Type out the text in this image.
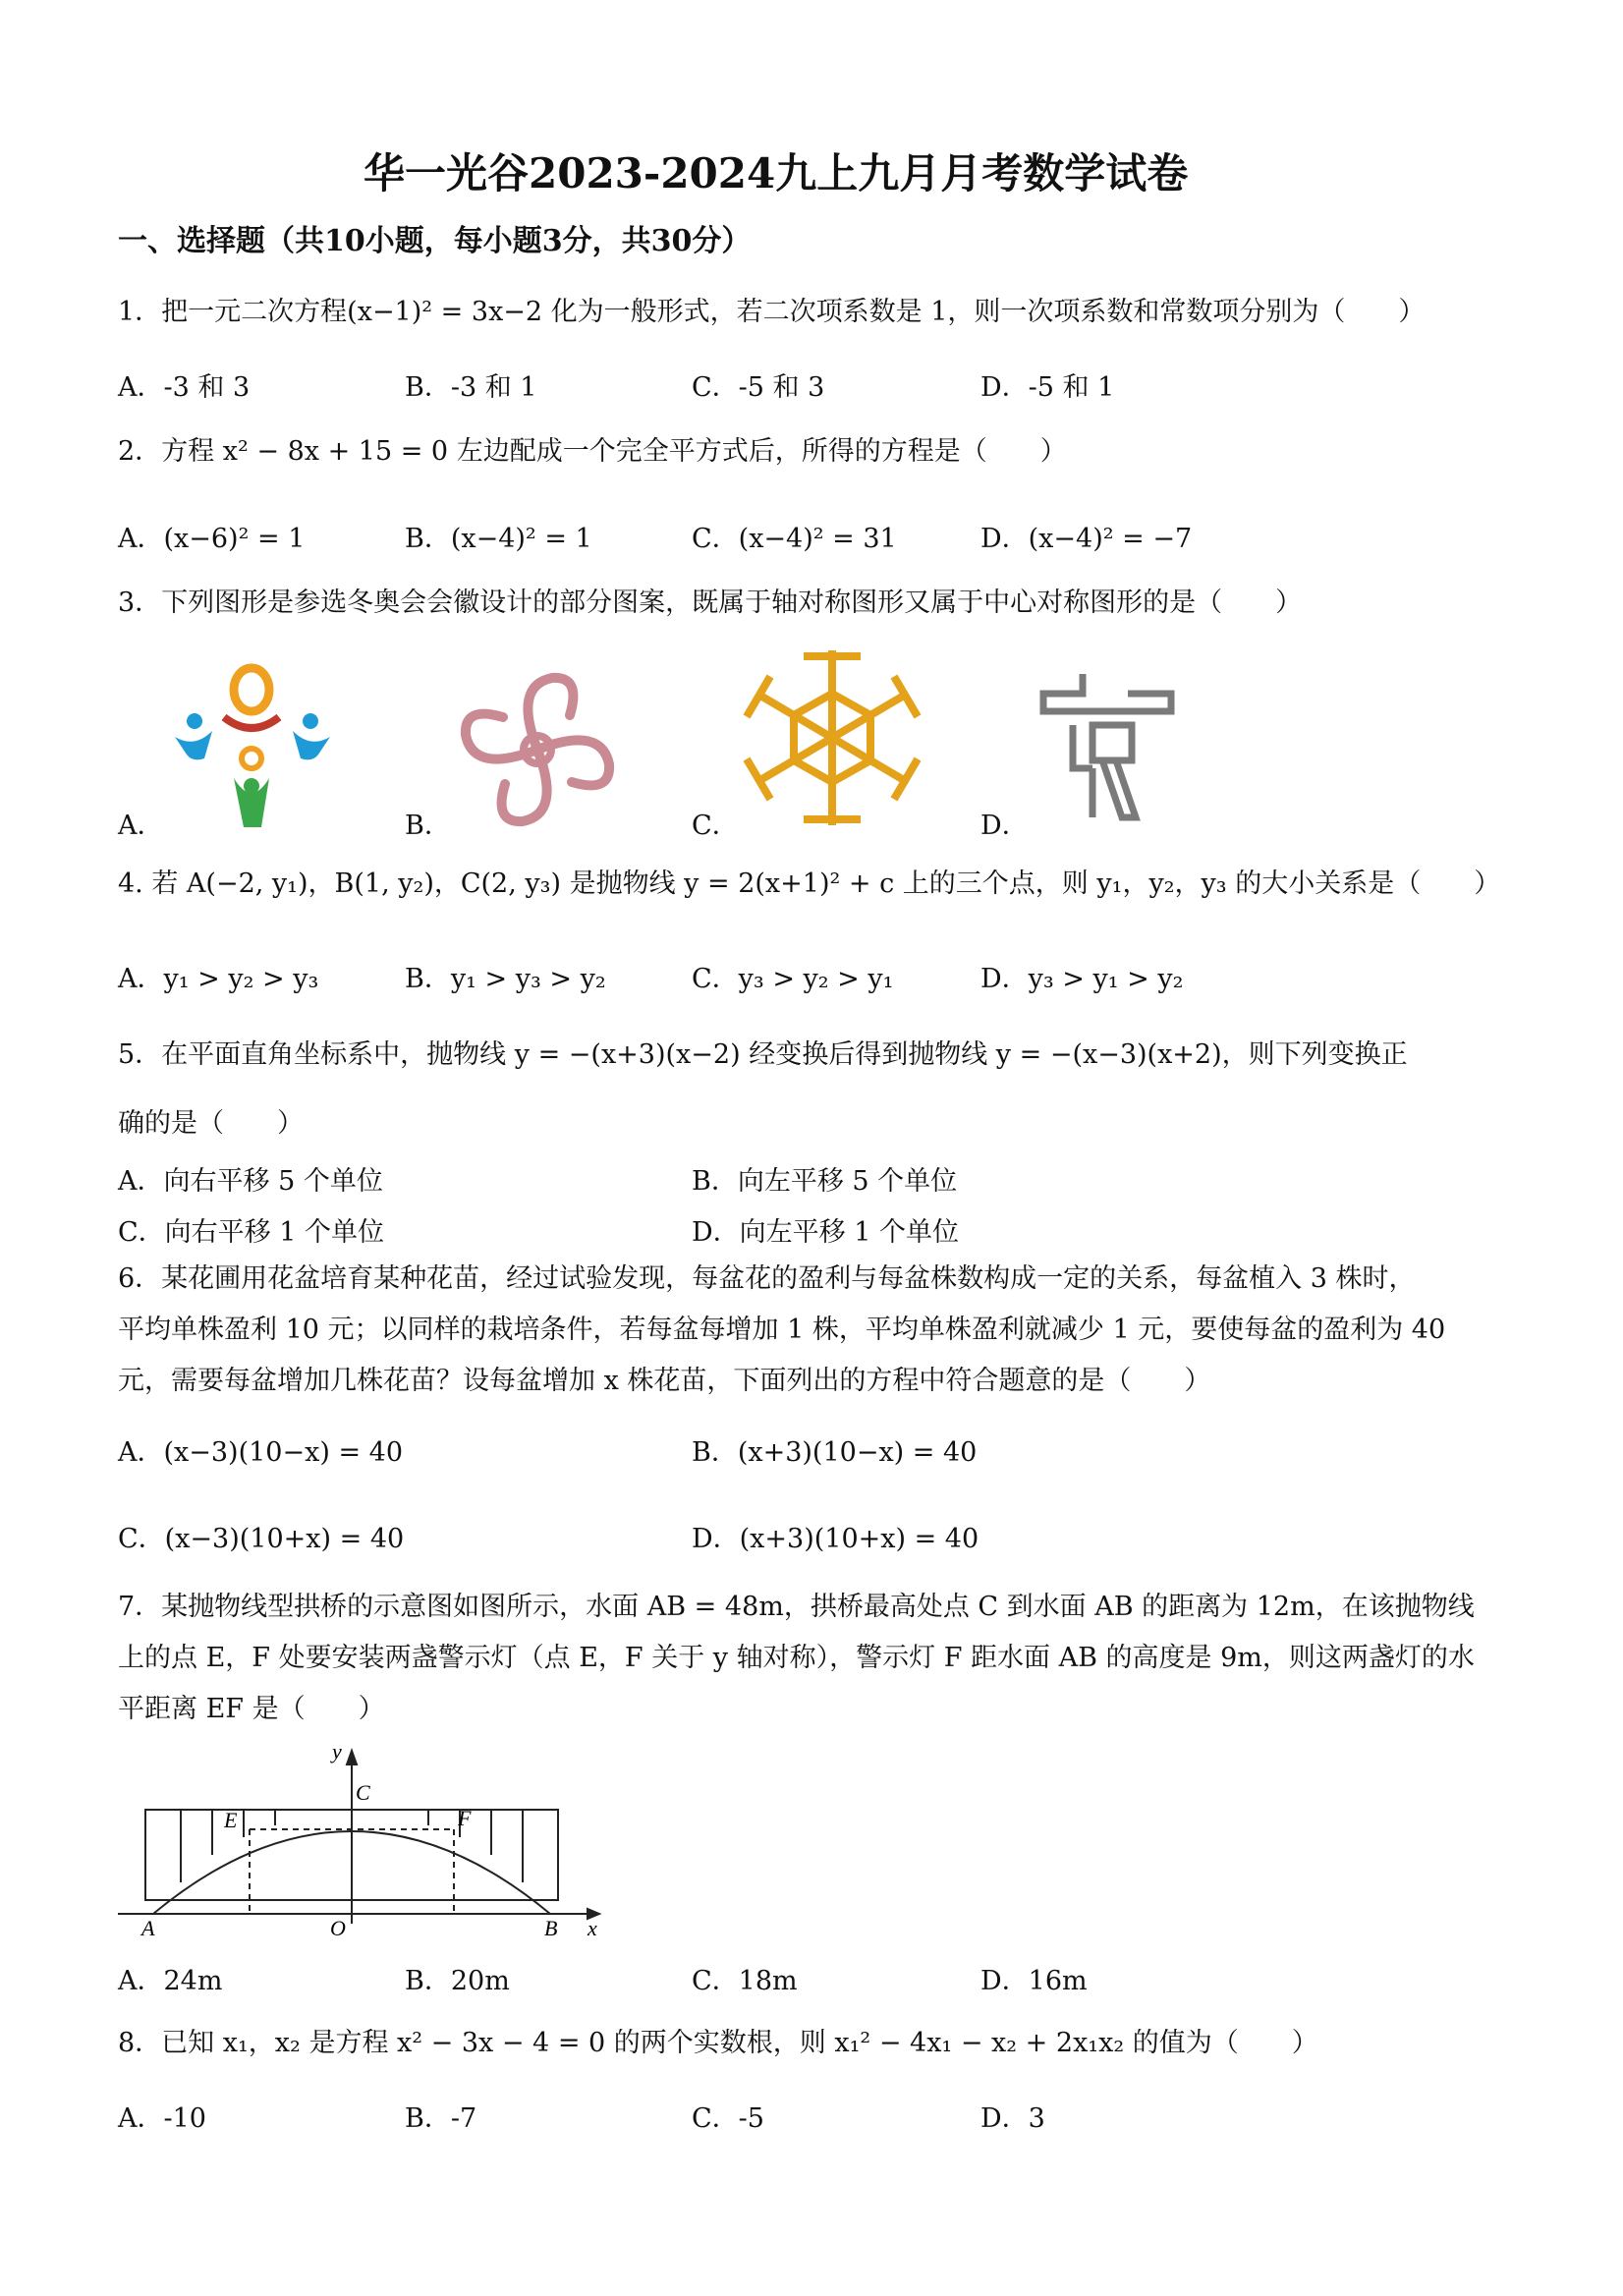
华一光谷2023-2024九上九月月考数学试卷
一、选择题（共10小题，每小题3分，共30分）
1．把一元二次方程(x−1)² = 3x−2 化为一般形式，若二次项系数是 1，则一次项系数和常数项分别为（　　）
A．-3 和 3	B．-3 和 1	C．-5 和 3	D．-5 和 1
2．方程 x² − 8x + 15 = 0 左边配成一个完全平方式后，所得的方程是（　　）
A．(x−6)² = 1	B．(x−4)² = 1	C．(x−4)² = 31	D．(x−4)² = −7
3．下列图形是参选冬奥会会徽设计的部分图案，既属于轴对称图形又属于中心对称图形的是（　　）
A．	B．	C．	D．
4. 若 A(−2, y₁)，B(1, y₂)，C(2, y₃) 是抛物线 y = 2(x+1)² + c 上的三个点，则 y₁，y₂，y₃ 的大小关系是（　　）
A．y₁ > y₂ > y₃	B．y₁ > y₃ > y₂	C．y₃ > y₂ > y₁	D．y₃ > y₁ > y₂
5．在平面直角坐标系中，抛物线 y = −(x+3)(x−2) 经变换后得到抛物线 y = −(x−3)(x+2)，则下列变换正
确的是（　　）
A．向右平移 5 个单位	B．向左平移 5 个单位
C．向右平移 1 个单位	D．向左平移 1 个单位
6．某花圃用花盆培育某种花苗，经过试验发现，每盆花的盈利与每盆株数构成一定的关系，每盆植入 3 株时，
平均单株盈利 10 元；以同样的栽培条件，若每盆每增加 1 株，平均单株盈利就减少 1 元，要使每盆的盈利为 40
元，需要每盆增加几株花苗？设每盆增加 x 株花苗，下面列出的方程中符合题意的是（　　）
A．(x−3)(10−x) = 40	B．(x+3)(10−x) = 40
C．(x−3)(10+x) = 40	D．(x+3)(10+x) = 40
7．某抛物线型拱桥的示意图如图所示，水面 AB = 48m，拱桥最高处点 C 到水面 AB 的距离为 12m，在该抛物线
上的点 E，F 处要安装两盏警示灯（点 E，F 关于 y 轴对称），警示灯 F 距水面 AB 的高度是 9m，则这两盏灯的水
平距离 EF 是（　　）
y
C
E	F
A	O	B x
A．24m	B．20m	C．18m	D．16m
8．已知 x₁，x₂ 是方程 x² − 3x − 4 = 0 的两个实数根，则 x₁² − 4x₁ − x₂ + 2x₁x₂ 的值为（　　）
A．-10	B．-7	C．-5	D．3
